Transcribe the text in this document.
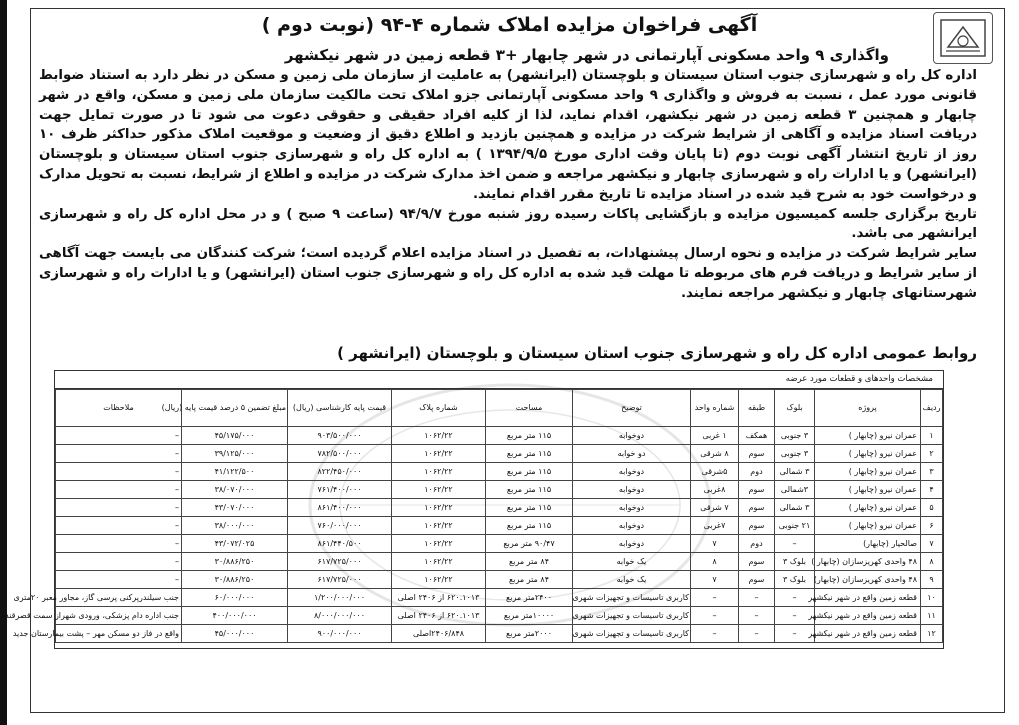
آگهی فراخوان مزایده املاک شماره ۴-۹۴ (نوبت دوم )
واگذاری ۹ واحد مسکونی آپارتمانی در شهر چابهار +۳ قطعه زمین در شهر نیکشهر

اداره کل راه و شهرسازی جنوب استان سیستان و بلوچستان (ایرانشهر) به عاملیت از سازمان ملی زمین و مسکن در نظر دارد به استناد ضوابط قانونی مورد عمل ، نسبت به فروش و واگذاری ۹ واحد مسکونی آپارتمانی جزو املاک تحت مالکیت سازمان ملی زمین و مسکن، واقع در شهر چابهار و همچنین ۳ قطعه زمین در شهر نیکشهر، اقدام نماید، لذا از کلیه افراد حقیقی و حقوقی دعوت می شود تا در صورت تمایل جهت دریافت اسناد مزایده و آگاهی از شرایط شرکت در مزایده و همچنین بازدید و اطلاع دقیق از وضعیت و موقعیت املاک مذکور حداکثر ظرف ۱۰ روز از تاریخ انتشار آگهی نوبت دوم (تا پایان وقت اداری مورخ ۱۳۹۴/۹/۵ ) به اداره کل راه و شهرسازی جنوب استان سیستان و بلوچستان (ایرانشهر) و یا ادارات راه و شهرسازی چابهار و نیکشهر مراجعه و ضمن اخذ مدارک شرکت در مزایده و اطلاع از شرایط، نسبت به تحویل مدارک و درخواست خود به شرح قید شده در اسناد مزایده تا تاریخ مقرر اقدام نمایند.

تاریخ برگزاری جلسه کمیسیون مزایده و بازگشایی پاکات رسیده روز شنبه مورخ ۹۴/۹/۷ (ساعت ۹ صبح ) و در محل اداره کل راه و شهرسازی ایرانشهر می باشد.

سایر شرایط شرکت در مزایده و نحوه ارسال پیشنهادات، به تفصیل در اسناد مزایده اعلام گردیده است؛ شرکت کنندگان می بایست جهت آگاهی از سایر شرایط و دریافت فرم های مربوطه تا مهلت قید شده به اداره کل راه و شهرسازی جنوب استان (ایرانشهر) و یا ادارات راه و شهرسازی شهرستانهای چابهار و نیکشهر مراجعه نمایند.

روابط عمومی اداره کل راه و شهرسازی جنوب استان سیستان و بلوچستان (ایرانشهر )
مشخصات واحدهای و قطعات مورد عرضه
ردیف	پروژه	بلوک	طبقه	شماره واحد	توضیح	مساحت	شماره پلاک	قیمت پایه کارشناسی (ریال)	مبلغ تضمین ۵ درصد قیمت پایه (ریال)	ملاحظات
۱	عمران نیرو (چابهار )	۳ جنوبی	همکف	۱ غربی	دوخوابه	۱۱۵ متر مربع	۱۰۶۲/۲۲	۹۰۳/۵۰۰/۰۰۰	۴۵/۱۷۵/۰۰۰	–
۲	عمران نیرو (چابهار )	۳ جنوبی	سوم	۸ شرقی	دو خوابه	۱۱۵ متر مربع	۱۰۶۲/۲۲	۷۸۲/۵۰۰/۰۰۰	۳۹/۱۲۵/۰۰۰	–
۳	عمران نیرو (چابهار )	۳ شمالی	دوم	۵شرقی	دوخوابه	۱۱۵ متر مربع	۱۰۶۲/۲۲	۸۲۲/۴۵۰/۰۰۰	۴۱/۱۲۲/۵۰۰	–
۴	عمران نیرو (چابهار )	۳شمالی	سوم	۸غربی	دوخوابه	۱۱۵ متر مربع	۱۰۶۲/۲۲	۷۶۱/۴۰۰/۰۰۰	۳۸/۰۷۰/۰۰۰	–
۵	عمران نیرو (چابهار )	۳ شمالی	سوم	۷ شرقی	دوخوابه	۱۱۵ متر مربع	۱۰۶۲/۲۲	۸۶۱/۴۰۰/۰۰۰	۴۳/۰۷۰/۰۰۰	–
۶	عمران نیرو (چابهار )	۲۱ جنوبی	سوم	۷غربی	دوخوابه	۱۱۵ متر مربع	۱۰۶۲/۲۲	۷۶۰/۰۰۰/۰۰۰	۳۸/۰۰۰/۰۰۰	–
۷	صالحیار (چابهار)	–	دوم	۷	دوخوابه	۹۰/۴۷ متر مربع	۱۰۶۲/۲۲	۸۶۱/۴۴۰/۵۰۰	۴۳/۰۷۲/۰۲۵	–
۸	۴۸ واحدی کهریزسازان (چابهار )	بلوک ۳	سوم	۸	یک خوابه	۸۴ متر مربع	۱۰۶۲/۲۲	۶۱۷/۷۲۵/۰۰۰	۳۰/۸۸۶/۲۵۰	–
۹	۴۸ واحدی کهریزسازان (چابهار)	بلوک ۳	سوم	۷	یک خوابه	۸۴ متر مربع	۱۰۶۲/۲۲	۶۱۷/۷۲۵/۰۰۰	۳۰/۸۸۶/۲۵۰	–
۱۰	قطعه زمین واقع در شهر نیکشهر	–	–	–	کاربری تاسیسات و تجهیزات شهری	۲۴۰۰متر مربع	۶۲۰.۱۰۱۳ از ۲۴۰۶ اصلی	۱/۲۰۰/۰۰۰/۰۰۰	۶۰/۰۰۰/۰۰۰	جنب سیلندرپرکنی پرسی گاز، مجاور معبر ۲۰متری
۱۱	قطعه زمین واقع در شهر نیکشهر	–	–	–	کاربری تاسیسات و تجهیزات شهری	۱۰۰۰۰متر مربع	۶۲۰.۱۰۱۳ از ۲۴۰۶ اصلی	۸/۰۰۰/۰۰۰/۰۰۰	۴۰۰/۰۰۰/۰۰۰	جنب اداره دام پزشکی، ورودی شهراز سمت قصرقند
۱۲	قطعه زمین واقع در شهر نیکشهر	–	–	–	کاربری تاسیسات و تجهیزات شهری	۲۰۰۰متر مربع	۲۴۰۶/۸۴۸اصلی	۹۰۰/۰۰۰/۰۰۰	۴۵/۰۰۰/۰۰۰	واقع در فاز دو مسکن مهر – پشت بیمارستان جدید
